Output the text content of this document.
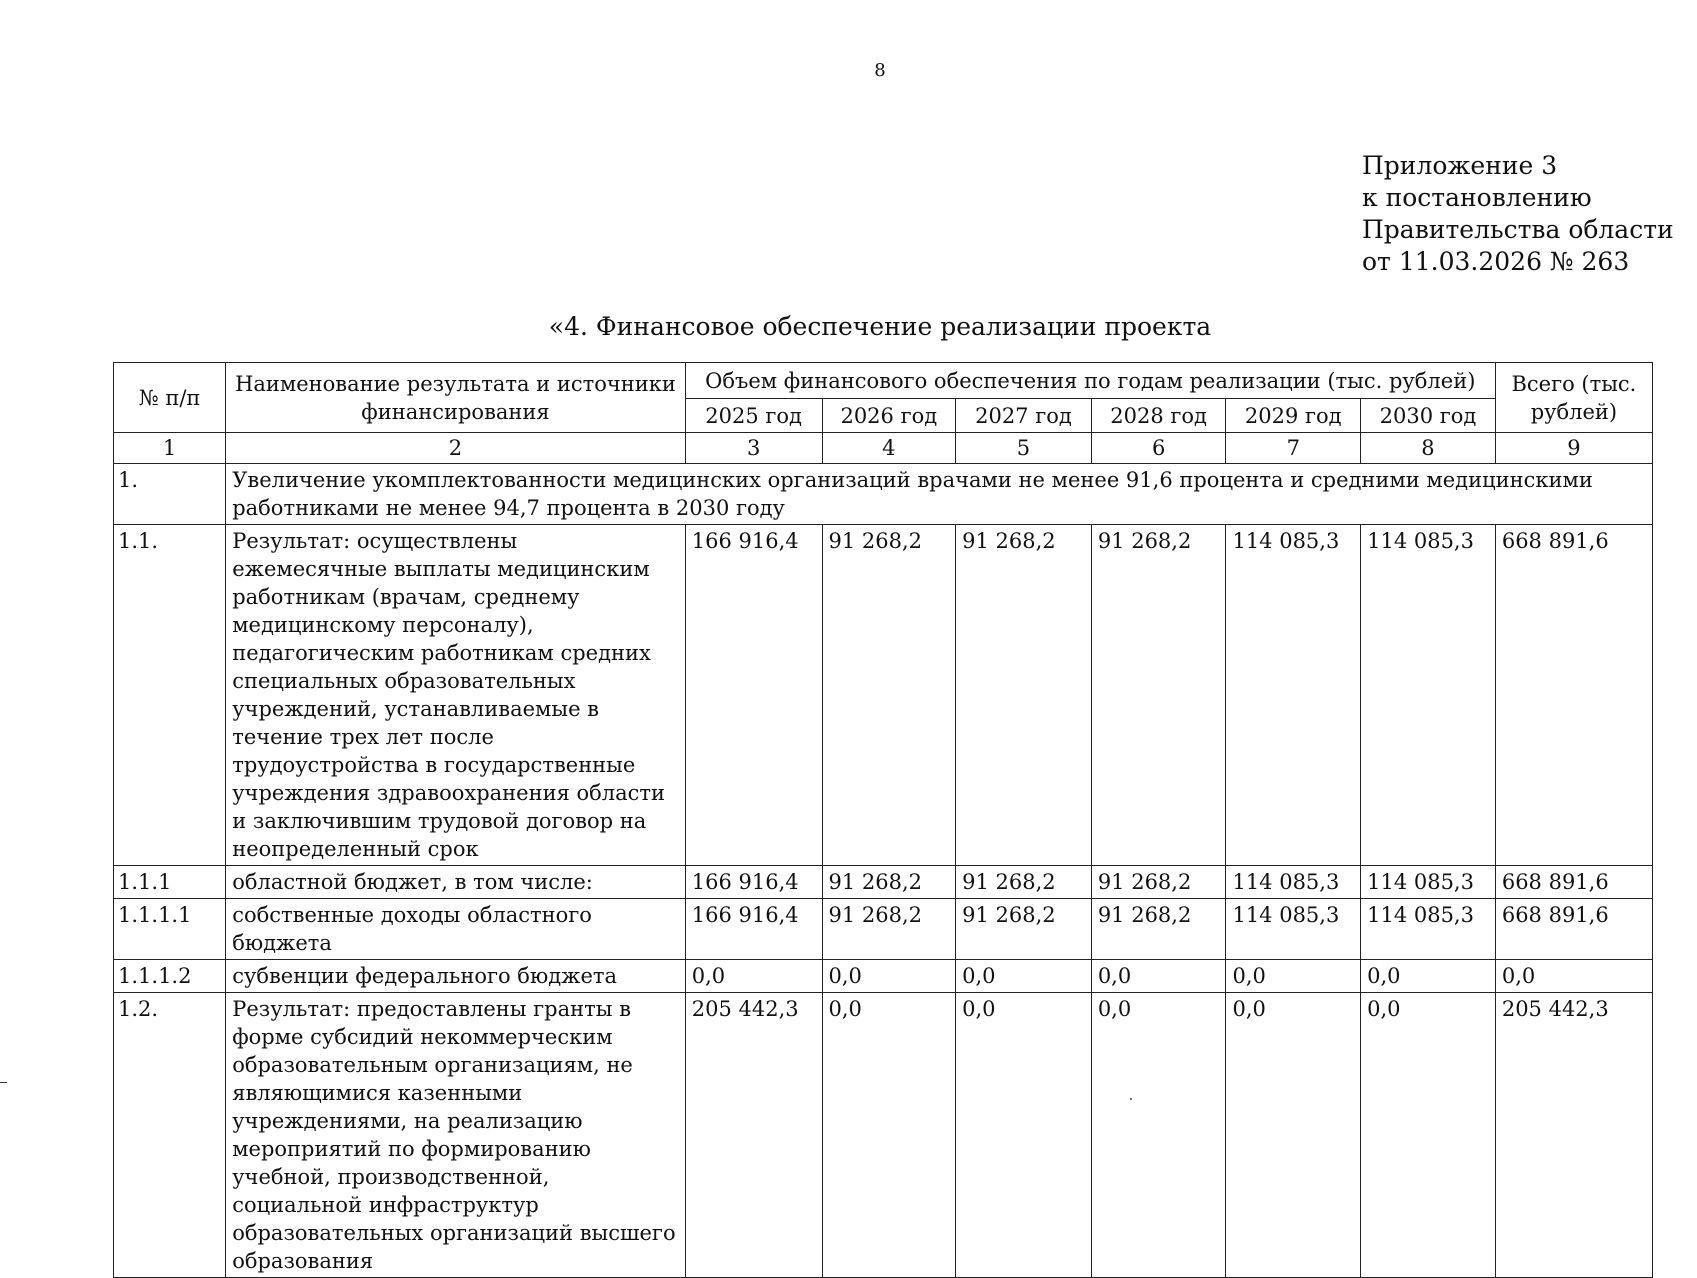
8
Приложение 3
к постановлению
Правительства области
от 11.03.2026 № 263
«4. Финансовое обеспечение реализации проекта
№ п/п	Наименование результата и источники финансирования	Объем финансового обеспечения по годам реализации (тыс. рублей)						Всего (тыс. рублей)
		2025 год	2026 год	2027 год	2028 год	2029 год	2030 год	
1	2	3	4	5	6	7	8	9
1.	Увеличение укомплектованности медицинских организаций врачами не менее 91,6 процента и средними медицинскими работниками не менее 94,7 процента в 2030 году							
1.1.	Результат: осуществлены ежемесячные выплаты медицинским работникам (врачам, среднему медицинскому персоналу), педагогическим работникам средних специальных образовательных учреждений, устанавливаемые в течение трех лет после трудоустройства в государственные учреждения здравоохранения области и заключившим трудовой договор на неопределенный срок	166 916,4	91 268,2	91 268,2	91 268,2	114 085,3	114 085,3	668 891,6
1.1.1	областной бюджет, в том числе:	166 916,4	91 268,2	91 268,2	91 268,2	114 085,3	114 085,3	668 891,6
1.1.1.1	собственные доходы областного бюджета	166 916,4	91 268,2	91 268,2	91 268,2	114 085,3	114 085,3	668 891,6
1.1.1.2	субвенции федерального бюджета	0,0	0,0	0,0	0,0	0,0	0,0	0,0
1.2.	Результат: предоставлены гранты в форме субсидий некоммерческим образовательным организациям, не являющимися казенными учреждениями, на реализацию мероприятий по формированию учебной, производственной, социальной инфраструктур образовательных организаций высшего образования	205 442,3	0,0	0,0	0,0	0,0	0,0	205 442,3
